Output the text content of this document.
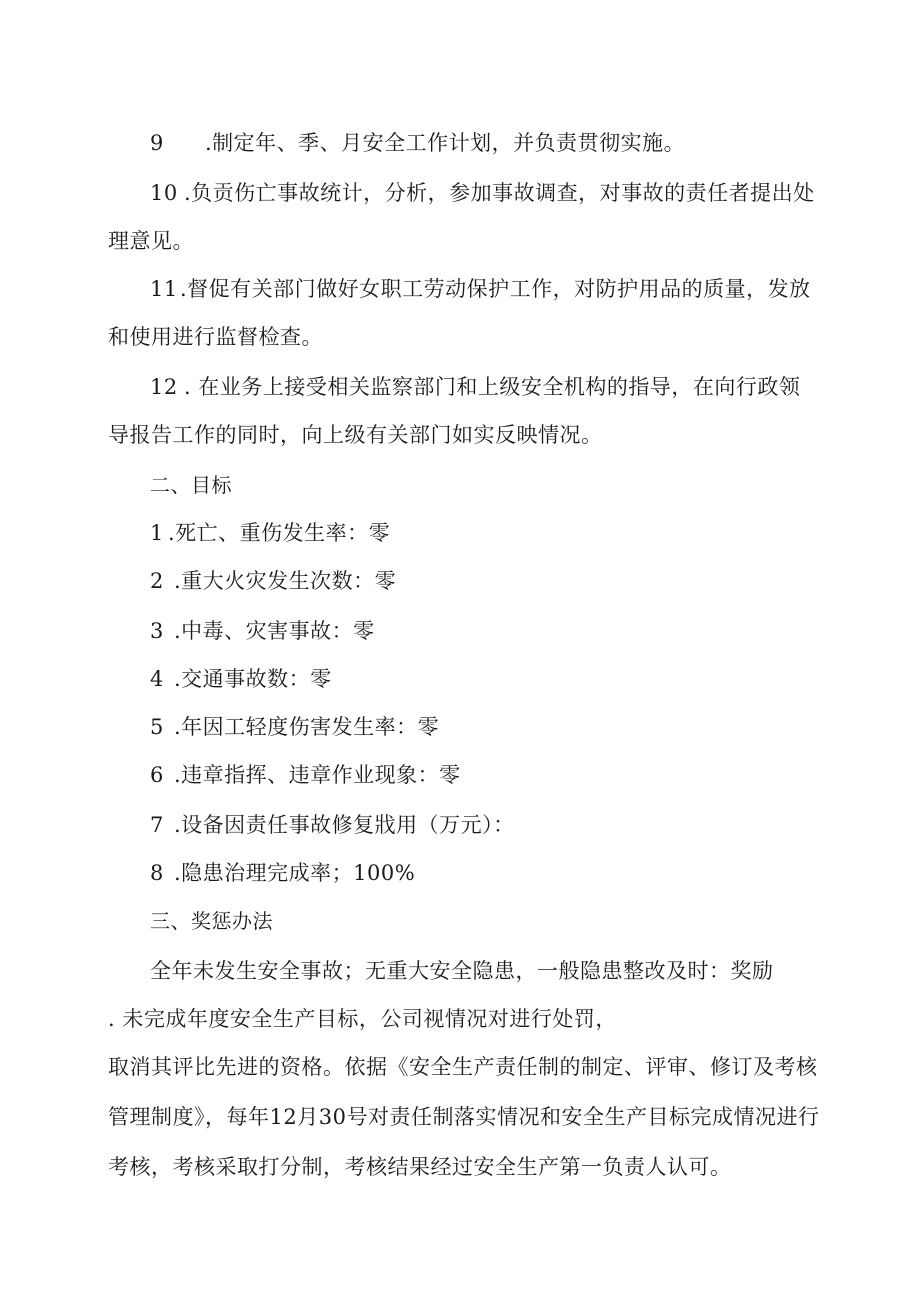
9 .制定年、季、月安全工作计划，并负责贯彻实施。
10 .负贡伤亡事故统计，分析，参加事故调查，对事故的责任者提出处
理意见。
11 .督促有关部门做好女职工劳动保护工作，对防护用品的质量，发放
和使用进行监督检查。
12 . 在业务上接受相关监察部门和上级安全机构的指导，在向行政领
导报告工作的同时，向上级有关部门如实反映情况。
二、目标
1 .死亡、重伤发生率：零
2 .重大火灾发生次数：零
3 .中毒、灾害事故：零
4 .交通事故数：零
5 .年因工轻度伤害发生率：零
6 .违章指挥、违章作业现象：零
7 .设备因责任事故修复戕用（万元）：
8 .隐患治理完成率；100%
三、奖惩办法
全年未发生安全事故；无重大安全隐患，一般隐患整改及时：奖励
. 未完成年度安全生产目标，公司视情况对进行处罚，
取消其评比先进的资格。依据《安全生产责任制的制定、评审、修订及考核
管理制度》，每年12月30号对责任制落实情况和安全生产目标完成情况进行
考核，考核采取打分制，考核结果经过安全生产第一负责人认可。
